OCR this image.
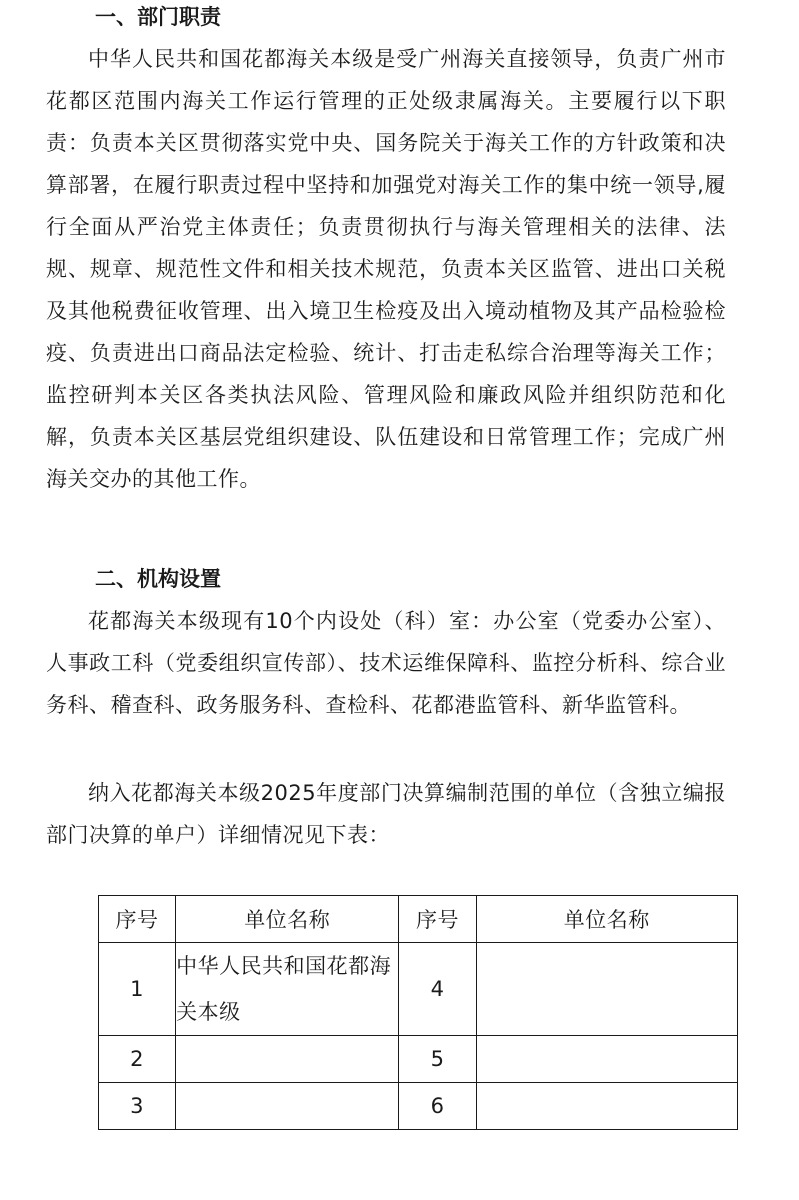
一、部门职责

中华人民共和国花都海关本级是受广州海关直接领导，负责广州市花都区范围内海关工作运行管理的正处级隶属海关。主要履行以下职责：负责本关区贯彻落实党中央、国务院关于海关工作的方针政策和决算部署，在履行职责过程中坚持和加强党对海关工作的集中统一领导,履行全面从严治党主体责任；负责贯彻执行与海关管理相关的法律、法规、规章、规范性文件和相关技术规范，负责本关区监管、进出口关税及其他税费征收管理、出入境卫生检疫及出入境动植物及其产品检验检疫、负责进出口商品法定检验、统计、打击走私综合治理等海关工作；监控研判本关区各类执法风险、管理风险和廉政风险并组织防范和化解，负责本关区基层党组织建设、队伍建设和日常管理工作；完成广州海关交办的其他工作。

二、机构设置

花都海关本级现有10个内设处（科）室：办公室（党委办公室）、人事政工科（党委组织宣传部）、技术运维保障科、监控分析科、综合业务科、稽查科、政务服务科、查检科、花都港监管科、新华监管科。

纳入花都海关本级2025年度部门决算编制范围的单位（含独立编报部门决算的单户）详细情况见下表：

序号	单位名称	序号	单位名称
1	中华人民共和国花都海关本级	4	
2		5	
3		6	
